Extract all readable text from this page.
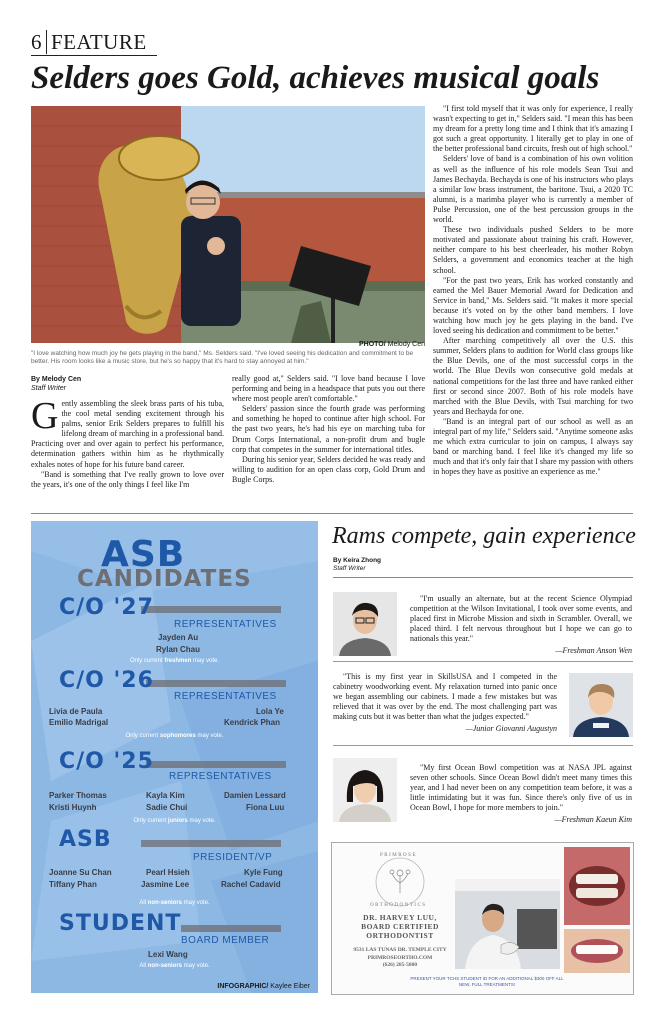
6 FEATURE
Selders goes Gold, achieves musical goals
PHOTO/ Melody Cen
"I love watching how much joy he gets playing in the band," Ms. Selders said. "I've loved seeing his dedication and commitment to be better. His room looks like a music store, but he's so happy that it's hard to stay annoyed at him."
By Melody Cen
Staff Writer

Gently assembling the sleek brass parts of his tuba, the cool metal sending excitement through his palms, senior Erik Selders prepares to fulfill his lifelong dream of marching in a professional band. Practicing over and over again to perfect his performance, determination gathers within him as he rhythmically exhales notes of hope for his future band career.

"Band is something that I've really grown to love over the years, it's one of the only things I feel like I'm

really good at," Selders said. "I love band because I love performing and being in a headspace that puts you out there where most people aren't comfortable."

Selders' passion since the fourth grade was performing and something he hoped to continue after high school. For the past two years, he's had his eye on marching tuba for Drum Corps International, a non-profit drum and bugle corp that competes in the summer for international titles.

During his senior year, Selders decided he was ready and willing to audition for an open class corp, Gold Drum and Bugle Corps.

"I first told myself that it was only for experience, I really wasn't expecting to get in," Selders said. "I mean this has been my dream for a pretty long time and I think that it's amazing I got such a great opportunity. I literally get to play in one of the better professional band circuits, fresh out of high school."

Selders' love of band is a combination of his own volition as well as the influence of his role models Sean Tsui and James Bechayda. Bechayda is one of his instructors who plays a similar low brass instrument, the baritone. Tsui, a 2020 TC alumni, is a marimba player who is currently a member of Pulse Percussion, one of the best percussion groups in the world.

These two individuals pushed Selders to be more motivated and passionate about training his craft. However, neither compare to his best cheerleader, his mother Robyn Selders, a government and economics teacher at the high school.

"For the past two years, Erik has worked constantly and earned the Mel Bauer Memorial Award for Dedication and Service in band," Ms. Selders said. "It makes it more special because it's voted on by the other band members. I love watching how much joy he gets playing in the band. I've loved seeing his dedication and commitment to be better."

After marching competitively all over the U.S. this summer, Selders plans to audition for World class groups like the Blue Devils, one of the most successful corps in the world. The Blue Devils won consecutive gold medals at national competitions for the last three and have ranked either first or second since 2007. Both of his role models have marched with the Blue Devils, with Tsui marching for two years and Bechayda for one.

"Band is an integral part of our school as well as an integral part of my life," Selders said. "Anytime someone asks me which extra curricular to join on campus, I always say band or marching band. I feel like it's changed my life so much and that it's only fair that I share my passion with others in hopes they have as positive an experience as me."

ASB
CANDIDATES
C/O '27
REPRESENTATIVES
Jayden Au
Rylan Chau
Only current freshmen may vote.
C/O '26
REPRESENTATIVES
Livia de Paula
Emilio Madrigal
Lola Ye
Kendrick Phan
Only current sophomores may vote.
C/O '25
REPRESENTATIVES
Parker Thomas
Kristi Huynh
Kayla Kim
Sadie Chui
Damien Lessard
Fiona Luu
Only current juniors may vote.
ASB
PRESIDENT/VP
Joanne Su Chan
Tiffany Phan
Pearl Hsieh
Jasmine Lee
Kyle Fung
Rachel Cadavid
All non-seniors may vote.
STUDENT
BOARD MEMBER
Lexi Wang
All non-seniors may vote.
INFOGRAPHIC/ Kaylee Eiber
Rams compete, gain experience
By Keira Zhong
Staff Writer

"I'm usually an alternate, but at the recent Science Olympiad competition at the Wilson Invitational, I took over some events, and placed first in Microbe Mission and sixth in Scrambler. Overall, we placed third. I felt nervous throughout but I hope we can go to nationals this year."

—Freshman Anson Wen

"This is my first year in SkillsUSA and I competed in the cabinetry woodworking event. My relaxation turned into panic once we began assembling our cabinets. I made a few mistakes but was relieved that it was over by the end. The most challenging part was making cuts but it was better than what the judges expected."

—Junior Giovanni Augustyn

"My first Ocean Bowl competition was at NASA JPL against seven other schools. Since Ocean Bowl didn't meet many times this year, and I had never been on any competition team before, it was a little intimidating but it was fun. Since there's only five of us in Ocean Bowl, I hope for more members to join."

—Freshman Kaeun Kim
PRIMROSE
ORTHODONTICS
DR. HARVEY LUU,
BOARD CERTIFIED
ORTHODONTIST
9531 LAS TUNAS DR. TEMPLE CITY
PRIMROSEORTHO.COM
(626) 285-5800
PRESENT YOUR TCHS STUDENT ID FOR AN ADDITIONAL $300 OFF ALL
NEW, FULL TREATMENTS!
